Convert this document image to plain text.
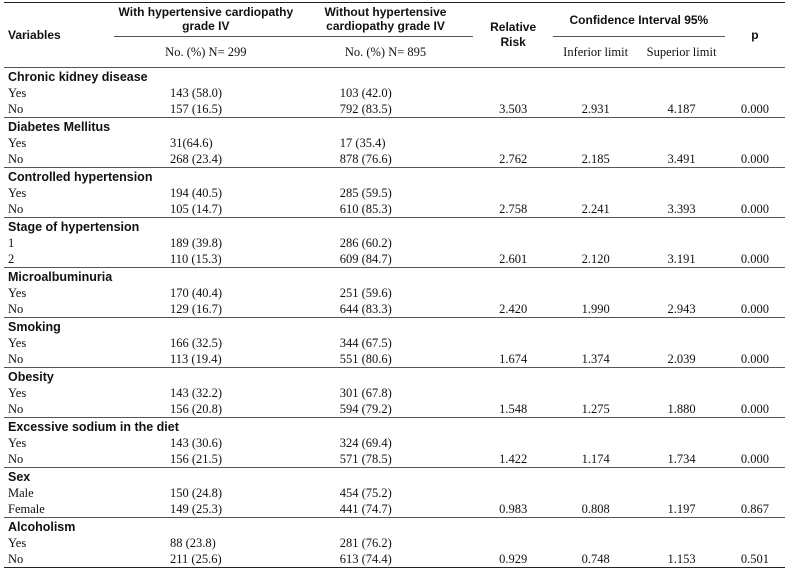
Variables	With hypertensive cardiopathy grade IV	Without hypertensive cardiopathy grade IV	Relative Risk	Confidence Interval 95%		p
	No. (%) N= 299	No. (%) N= 895		Inferior limit	Superior limit	

Chronic kidney disease						
Yes	143 (58.0)	103 (42.0)				
No	157 (16.5)	792 (83.5)	3.503	2.931	4.187	0.000
Diabetes Mellitus						
Yes	31(64.6)	17 (35.4)				
No	268 (23.4)	878 (76.6)	2.762	2.185	3.491	0.000
Controlled hypertension						
Yes	194 (40.5)	285 (59.5)				
No	105 (14.7)	610 (85.3)	2.758	2.241	3.393	0.000
Stage of hypertension						
1	189 (39.8)	286 (60.2)				
2	110 (15.3)	609 (84.7)	2.601	2.120	3.191	0.000
Microalbuminuria						
Yes	170 (40.4)	251 (59.6)				
No	129 (16.7)	644 (83.3)	2.420	1.990	2.943	0.000
Smoking						
Yes	166 (32.5)	344 (67.5)				
No	113 (19.4)	551 (80.6)	1.674	1.374	2.039	0.000
Obesity						
Yes	143 (32.2)	301 (67.8)				
No	156 (20.8)	594 (79.2)	1.548	1.275	1.880	0.000
Excessive sodium in the diet						
Yes	143 (30.6)	324 (69.4)				
No	156 (21.5)	571 (78.5)	1.422	1.174	1.734	0.000
Sex						
Male	150 (24.8)	454 (75.2)				
Female	149 (25.3)	441 (74.7)	0.983	0.808	1.197	0.867
Alcoholism						
Yes	88 (23.8)	281 (76.2)				
No	211 (25.6)	613 (74.4)	0.929	0.748	1.153	0.501
